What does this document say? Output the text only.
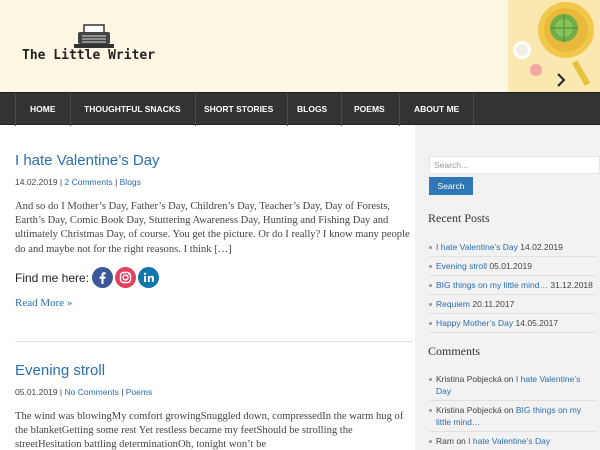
The Little Writer
HOME	THOUGHTFUL SNACKS	SHORT STORIES	BLOGS	POEMS	ABOUT ME
I hate Valentine’s Day
14.02.2019 | 2 Comments | Blogs
And so do I Mother’s Day, Father’s Day, Children’s Day, Teacher’s Day, Day of Forests, Earth’s Day, Comic Book Day, Stuttering Awareness Day, Hunting and Fishing Day and ultimately Christmas Day, of course. You get the picture. Or do I really? I know many people do and maybe not for the right reasons. I think […]
Find me here:
Read More »
Evening stroll
05.01.2019 | No Comments | Poems
The wind was blowingMy comfort growingSnuggled down, compressedIn the warm hug of the blanketGetting some rest Yet restless became my feetShould be strolling the streetHesitation battling determinationOh, tonight won’t be
Search...
Search
Recent Posts
I hate Valentine’s Day 14.02.2019
Evening stroll 05.01.2019
BIG things on my little mind… 31.12.2018
Requiem 20.11.2017
Happy Mother’s Day 14.05.2017
Comments
Kristina Pobjecká on I hate Valentine’s Day
Kristina Pobjecká on BIG things on my little mind…
Ram on I hate Valentine’s Day
